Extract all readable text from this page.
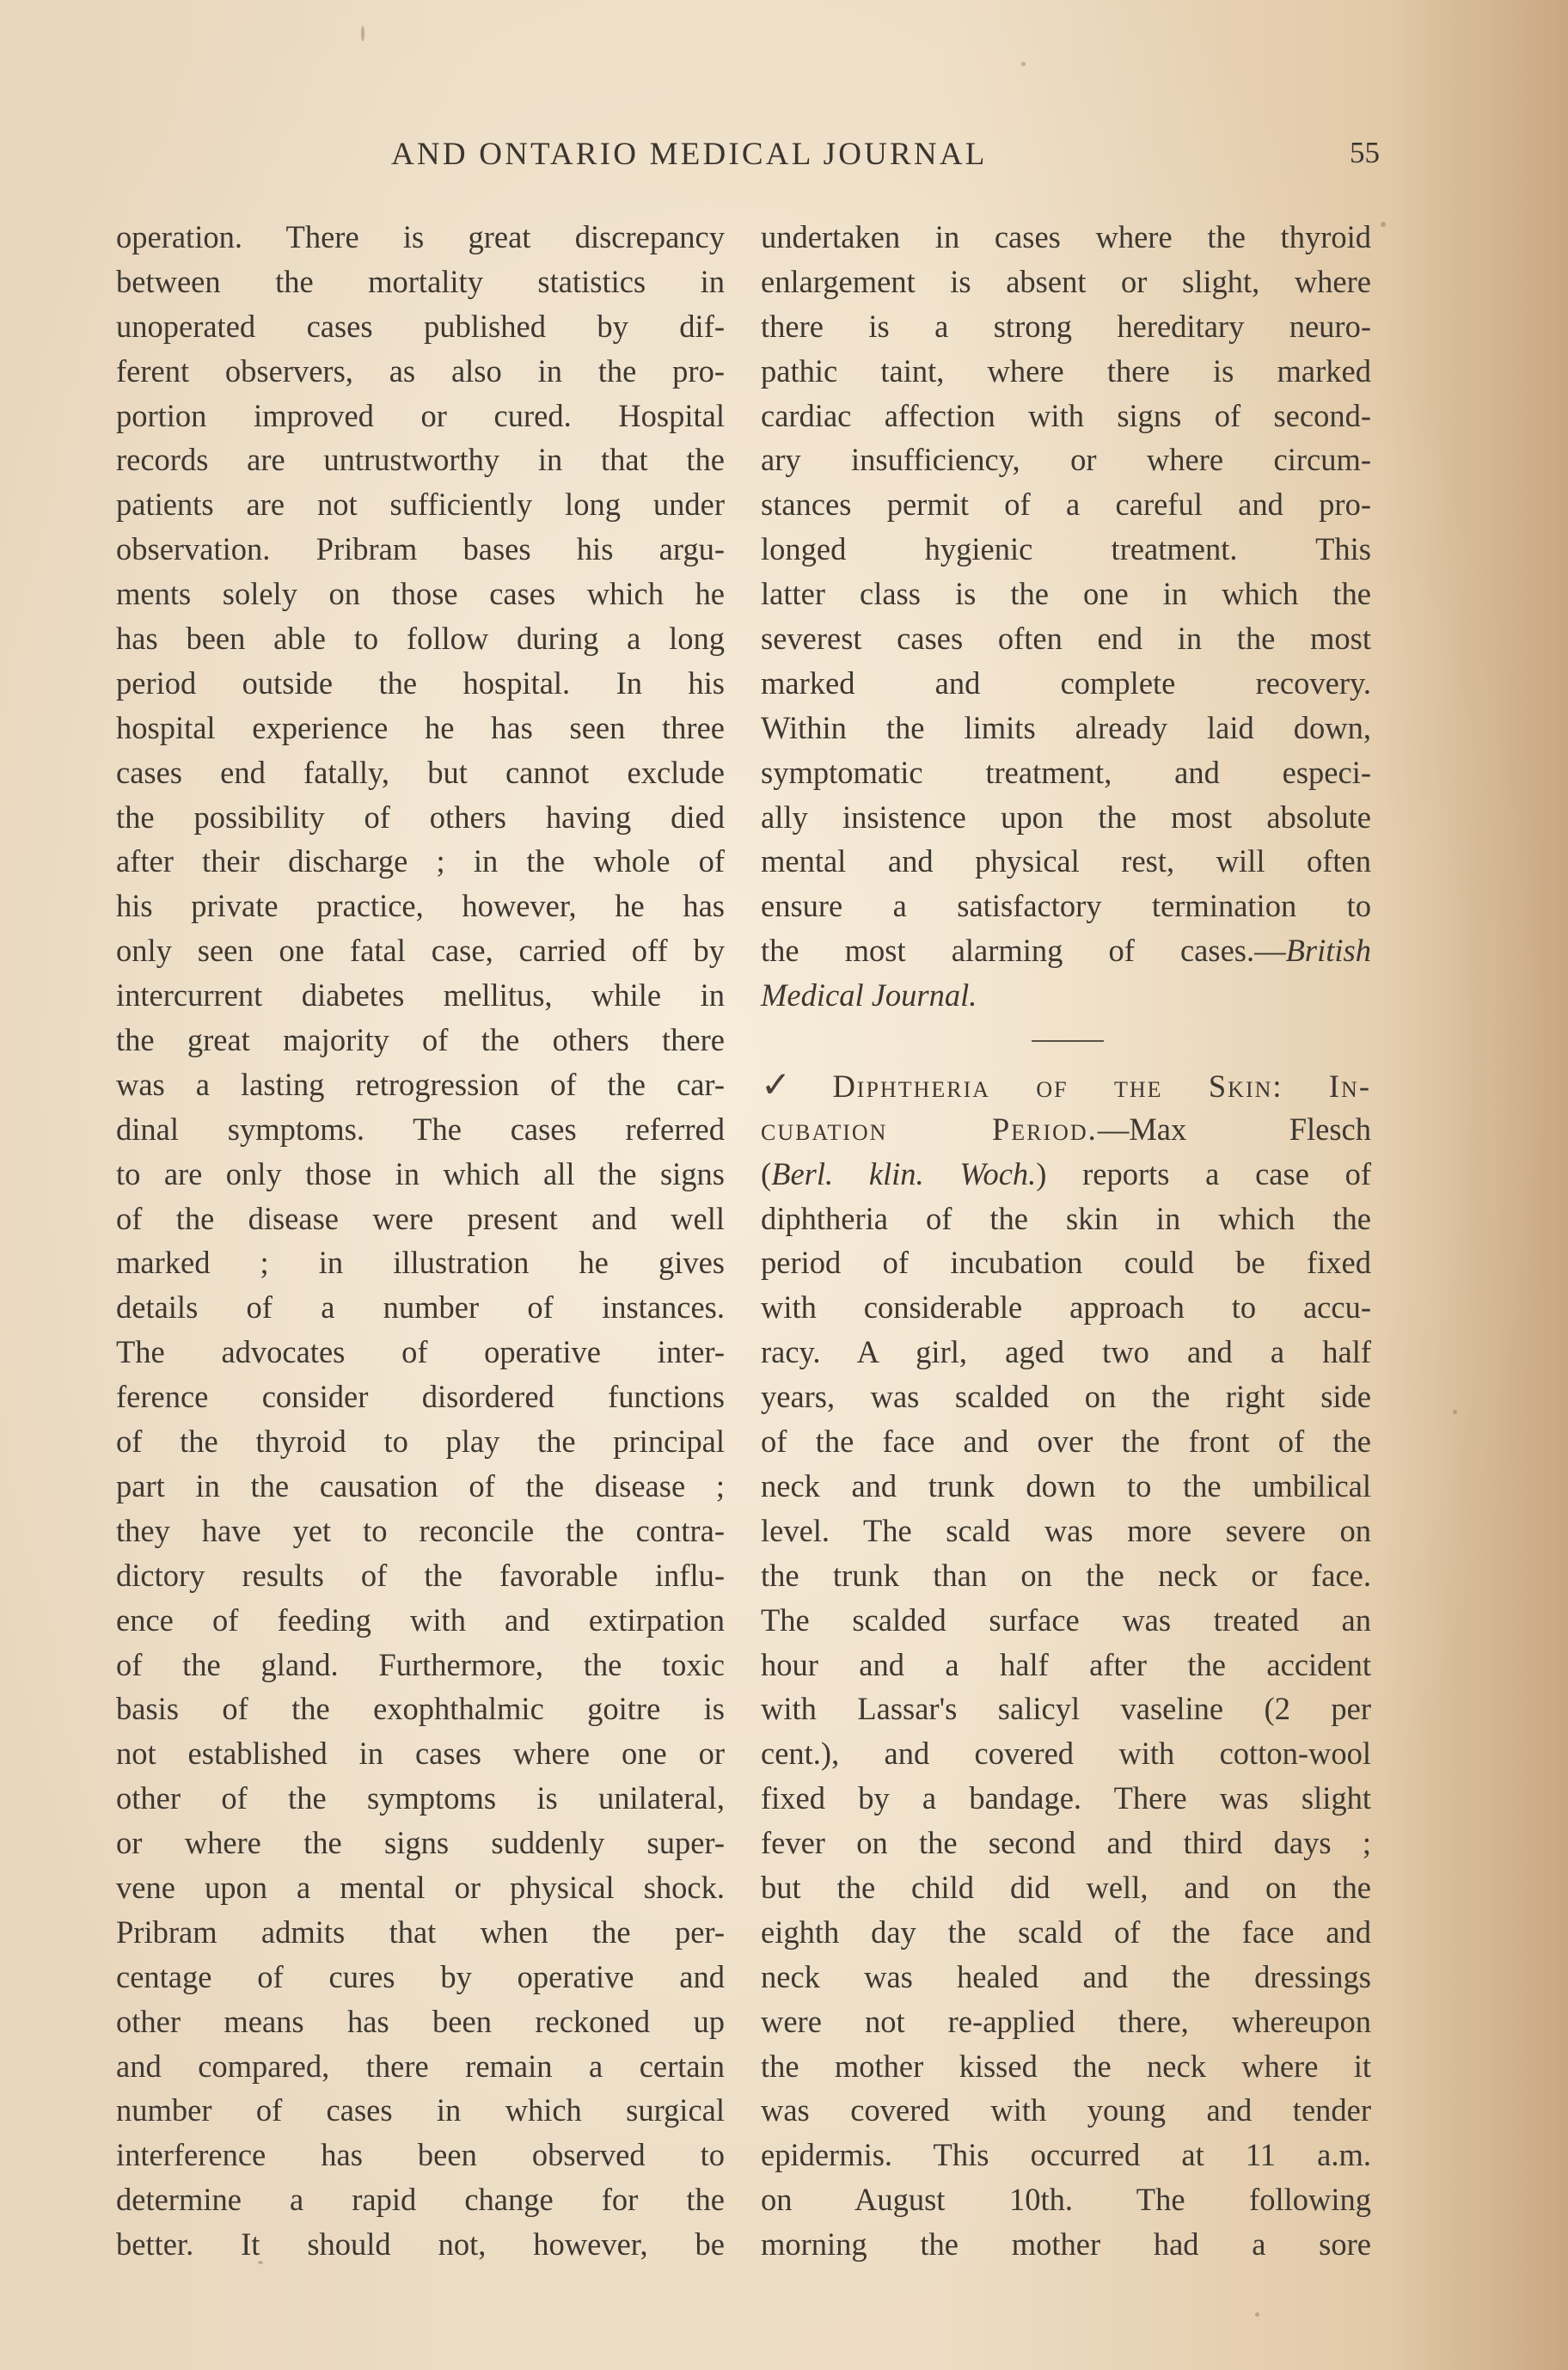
AND ONTARIO MEDICAL JOURNAL	55
operation. There is great discrepancy
between the mortality statistics in
unoperated cases published by dif-
ferent observers, as also in the pro-
portion improved or cured. Hospital
records are untrustworthy in that the
patients are not sufficiently long under
observation. Pribram bases his argu-
ments solely on those cases which he
has been able to follow during a long
period outside the hospital. In his
hospital experience he has seen three
cases end fatally, but cannot exclude
the possibility of others having died
after their discharge ; in the whole of
his private practice, however, he has
only seen one fatal case, carried off by
intercurrent diabetes mellitus, while in
the great majority of the others there
was a lasting retrogression of the car-
dinal symptoms. The cases referred
to are only those in which all the signs
of the disease were present and well
marked ; in illustration he gives
details of a number of instances.
The advocates of operative inter-
ference consider disordered functions
of the thyroid to play the principal
part in the causation of the disease ;
they have yet to reconcile the contra-
dictory results of the favorable influ-
ence of feeding with and extirpation
of the gland. Furthermore, the toxic
basis of the exophthalmic goitre is
not established in cases where one or
other of the symptoms is unilateral,
or where the signs suddenly super-
vene upon a mental or physical shock.
Pribram admits that when the per-
centage of cures by operative and
other means has been reckoned up
and compared, there remain a certain
number of cases in which surgical
interference has been observed to
determine a rapid change for the
better. It should not, however, be
undertaken in cases where the thyroid
enlargement is absent or slight, where
there is a strong hereditary neuro-
pathic taint, where there is marked
cardiac affection with signs of second-
ary insufficiency, or where circum-
stances permit of a careful and pro-
longed hygienic treatment. This
latter class is the one in which the
severest cases often end in the most
marked and complete recovery.
Within the limits already laid down,
symptomatic treatment, and especi-
ally insistence upon the most absolute
mental and physical rest, will often
ensure a satisfactory termination to
the most alarming of cases.—British
Medical Journal.
✓ Diphtheria of the Skin: In-
cubation Period.—Max Flesch
(Berl. klin. Woch.) reports a case of
diphtheria of the skin in which the
period of incubation could be fixed
with considerable approach to accu-
racy. A girl, aged two and a half
years, was scalded on the right side
of the face and over the front of the
neck and trunk down to the umbilical
level. The scald was more severe on
the trunk than on the neck or face.
The scalded surface was treated an
hour and a half after the accident
with Lassar's salicyl vaseline (2 per
cent.), and covered with cotton-wool
fixed by a bandage. There was slight
fever on the second and third days ;
but the child did well, and on the
eighth day the scald of the face and
neck was healed and the dressings
were not re-applied there, whereupon
the mother kissed the neck where it
was covered with young and tender
epidermis. This occurred at 11 a.m.
on August 10th. The following
morning the mother had a sore
